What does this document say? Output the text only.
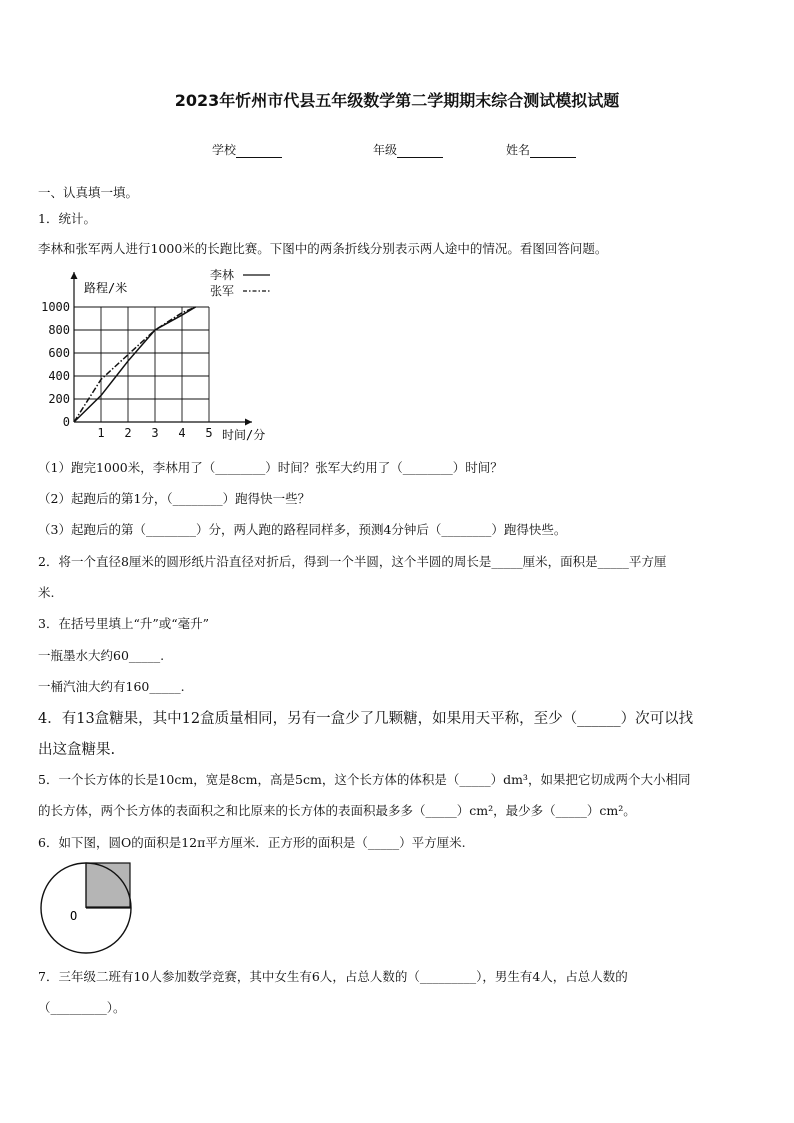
2023年忻州市代县五年级数学第二学期期末综合测试模拟试题
学校	年级	姓名
一、认真填一填。
1．统计。
李林和张军两人进行1000米的长跑比赛。下图中的两条折线分别表示两人途中的情况。看图回答问题。
路程/米
时间/分
0
200
400
600
800
1000
1 2 3 4 5
李林
张军
（1）跑完1000米，李林用了（________）时间？张军大约用了（________）时间？
（2）起跑后的第1分，（________）跑得快一些？
（3）起跑后的第（________）分，两人跑的路程同样多，预测4分钟后（________）跑得快些。
2．将一个直径8厘米的圆形纸片沿直径对折后，得到一个半圆，这个半圆的周长是_____厘米，面积是_____平方厘
米.
3．在括号里填上“升”或“毫升”
一瓶墨水大约60_____.
一桶汽油大约有160_____.
4．有13盒糖果，其中12盒质量相同，另有一盒少了几颗糖，如果用天平称，至少（______）次可以找
出这盒糖果.
5．一个长方体的长是10cm，宽是8cm，高是5cm，这个长方体的体积是（_____）dm³，如果把它切成两个大小相同
的长方体，两个长方体的表面积之和比原来的长方体的表面积最多多（_____）cm²，最少多（_____）cm²。
6．如下图，圆O的面积是12π平方厘米．正方形的面积是（_____）平方厘米.
O
7．三年级二班有10人参加数学竞赛，其中女生有6人，占总人数的（_________），男生有4人，占总人数的
（_________）。
